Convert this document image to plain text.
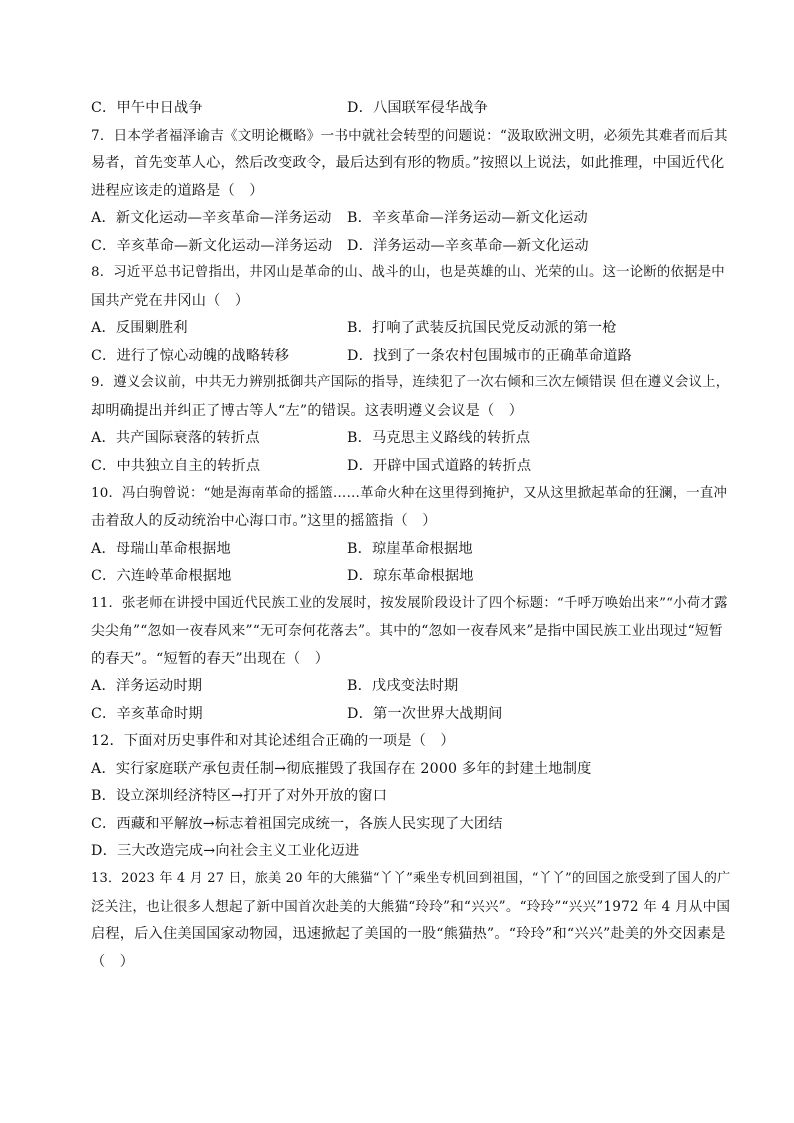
C．甲午中日战争	D．八国联军侵华战争
7．日本学者福泽谕吉《文明论概略》一书中就社会转型的问题说：“汲取欧洲文明，必须先其难者而后其
易者，首先变革人心，然后改变政令，最后达到有形的物质。”按照以上说法，如此推理，中国近代化
进程应该走的道路是（　）
A．新文化运动—辛亥革命—洋务运动 B．辛亥革命—洋务运动—新文化运动
C．辛亥革命—新文化运动—洋务运动 D．洋务运动—辛亥革命—新文化运动
8．习近平总书记曾指出，井冈山是革命的山、战斗的山，也是英雄的山、光荣的山。这一论断的依据是中
国共产党在井冈山（　）
A．反围剿胜利	B．打响了武装反抗国民党反动派的第一枪
C．进行了惊心动魄的战略转移	D．找到了一条农村包围城市的正确革命道路
9．遵义会议前，中共无力辨别抵御共产国际的指导，连续犯了一次右倾和三次左倾错误 但在遵义会议上，
却明确提出并纠正了博古等人“左”的错误。这表明遵义会议是（　）
A．共产国际衰落的转折点	B．马克思主义路线的转折点
C．中共独立自主的转折点	D．开辟中国式道路的转折点
10．冯白驹曾说：“她是海南革命的摇篮……革命火种在这里得到掩护，又从这里掀起革命的狂澜，一直冲
击着敌人的反动统治中心海口市。”这里的摇篮指（　）
A．母瑞山革命根据地	B．琼崖革命根据地
C．六连岭革命根据地	D．琼东革命根据地
11．张老师在讲授中国近代民族工业的发展时，按发展阶段设计了四个标题：“千呼万唤始出来”“小荷才露
尖尖角”“忽如一夜春风来”“无可奈何花落去”。其中的“忽如一夜春风来”是指中国民族工业出现过“短暂
的春天”。“短暂的春天”出现在（　）
A．洋务运动时期	B．戊戌变法时期
C．辛亥革命时期	D．第一次世界大战期间
12．下面对历史事件和对其论述组合正确的一项是（　）
A．实行家庭联产承包责任制→彻底摧毁了我国存在 2000 多年的封建土地制度
B．设立深圳经济特区→打开了对外开放的窗口
C．西藏和平解放→标志着祖国完成统一，各族人民实现了大团结
D．三大改造完成→向社会主义工业化迈进
13．2023 年 4 月 27 日，旅美 20 年的大熊猫“丫丫”乘坐专机回到祖国，“丫丫”的回国之旅受到了国人的广
泛关注，也让很多人想起了新中国首次赴美的大熊猫“玲玲”和“兴兴”。“玲玲”“兴兴”1972 年 4 月从中国
启程，后入住美国国家动物园，迅速掀起了美国的一股“熊猫热”。“玲玲”和“兴兴”赴美的外交因素是
（　）
